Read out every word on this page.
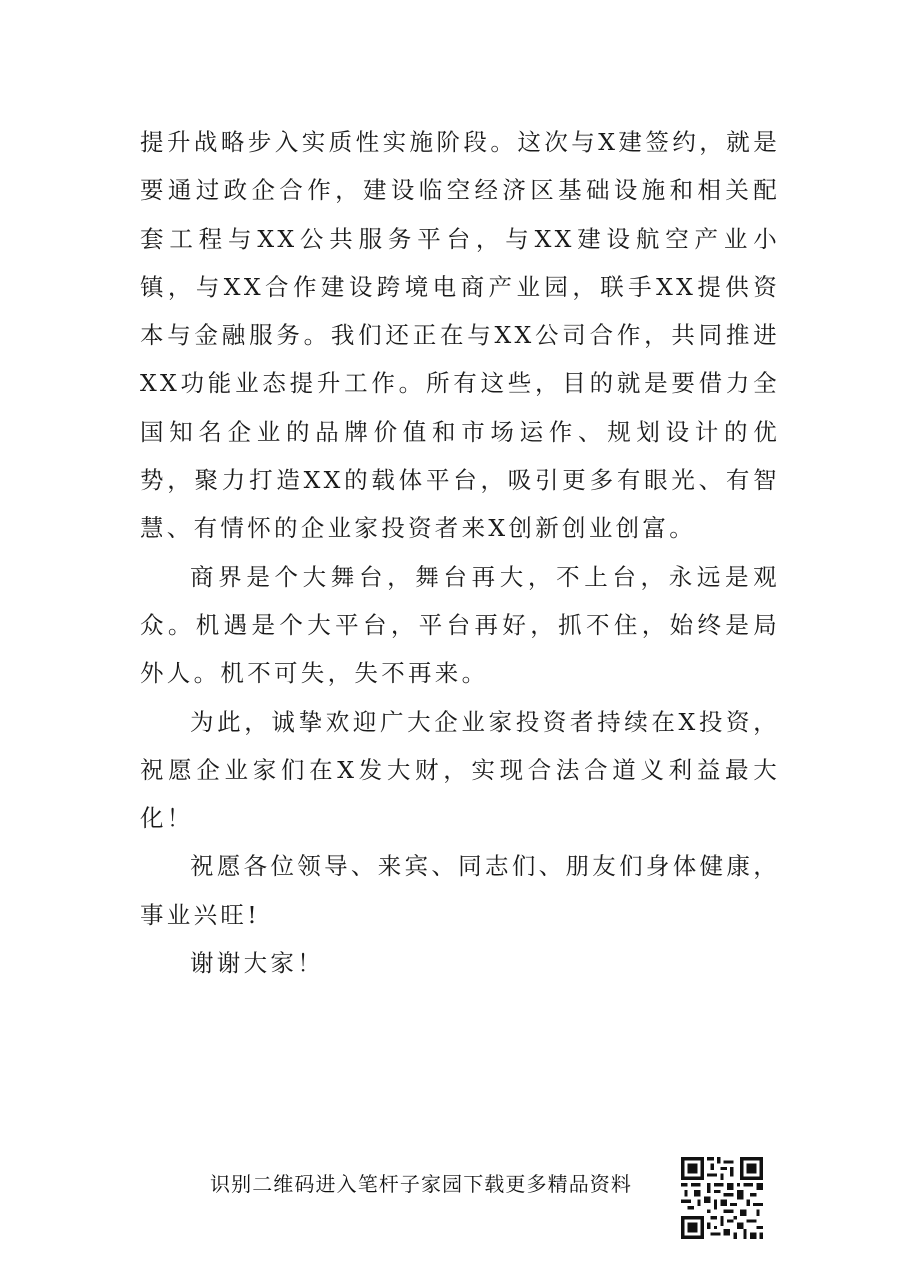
提升战略步入实质性实施阶段。这次与X建签约，就是要通过政企合作，建设临空经济区基础设施和相关配套工程与XX公共服务平台，与XX建设航空产业小镇，与XX合作建设跨境电商产业园，联手XX提供资本与金融服务。我们还正在与XX公司合作，共同推进XX功能业态提升工作。所有这些，目的就是要借力全国知名企业的品牌价值和市场运作、规划设计的优势，聚力打造XX的载体平台，吸引更多有眼光、有智慧、有情怀的企业家投资者来X创新创业创富。

商界是个大舞台，舞台再大，不上台，永远是观众。机遇是个大平台，平台再好，抓不住，始终是局外人。机不可失，失不再来。

为此，诚挚欢迎广大企业家投资者持续在X投资，祝愿企业家们在X发大财，实现合法合道义利益最大化！

祝愿各位领导、来宾、同志们、朋友们身体健康，事业兴旺!

谢谢大家！

识别二维码进入笔杆子家园下载更多精品资料
